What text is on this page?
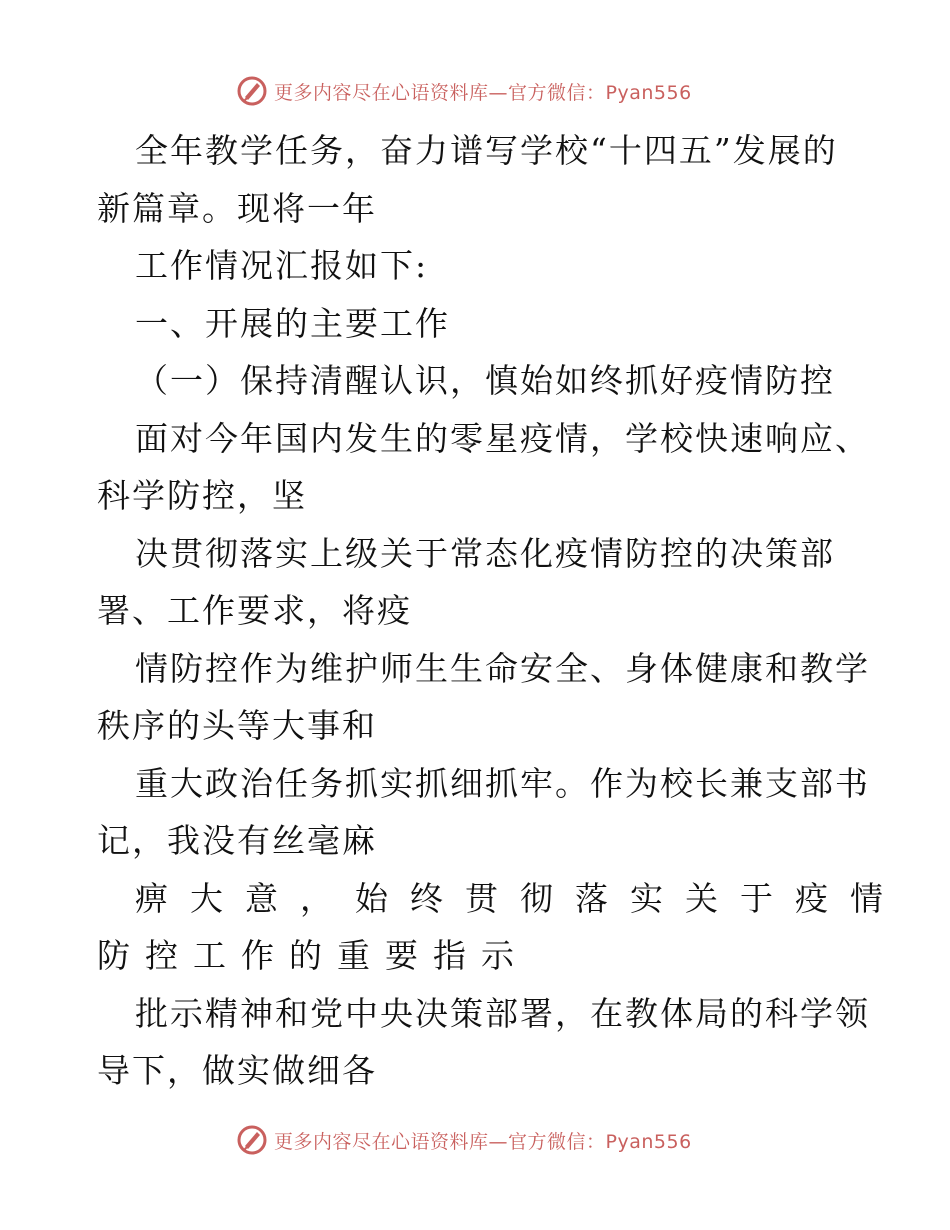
更多内容尽在心语资料库—官方微信：Pyan556
全年教学任务，奋力谱写学校“十四五”发展的
新篇章。现将一年
工作情况汇报如下:
一、开展的主要工作
（一）保持清醒认识，慎始如终抓好疫情防控
面对今年国内发生的零星疫情，学校快速响应、
科学防控，坚
决贯彻落实上级关于常态化疫情防控的决策部
署、工作要求，将疫
情防控作为维护师生生命安全、身体健康和教学
秩序的头等大事和
重大政治任务抓实抓细抓牢。作为校长兼支部书
记，我没有丝毫麻
痹大意，始终贯彻落实关于疫情
防控工作的重要指示
批示精神和党中央决策部署，在教体局的科学领
导下，做实做细各
更多内容尽在心语资料库—官方微信：Pyan556
